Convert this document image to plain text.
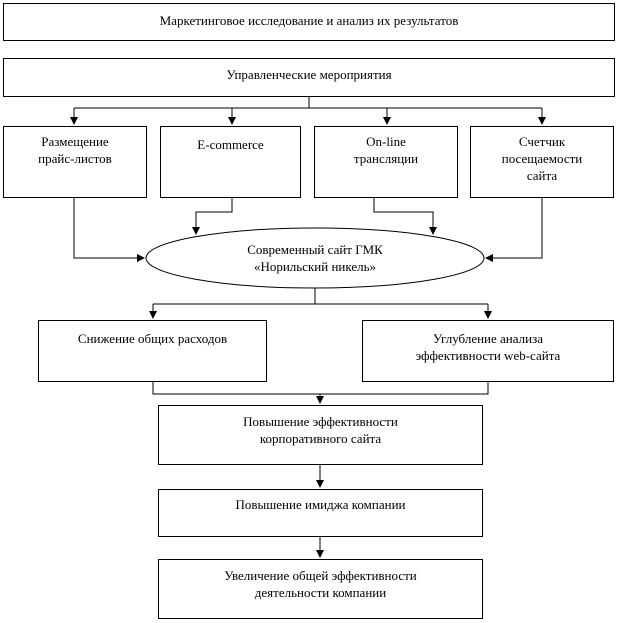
Маркетинговое исследование и анализ их результатов
Управленческие мероприятия
Размещение
прайс-листов
E-commerce	On-line
трансляции
Счетчик
посещаемости
сайта
Современный сайт ГМК
«Норильский никель»
Снижение общих расходов	Углубление анализа
эффективности web-сайта
Повышение эффективности
корпоративного сайта
Повышение имиджа компании
Увеличение общей эффективности
деятельности компании
